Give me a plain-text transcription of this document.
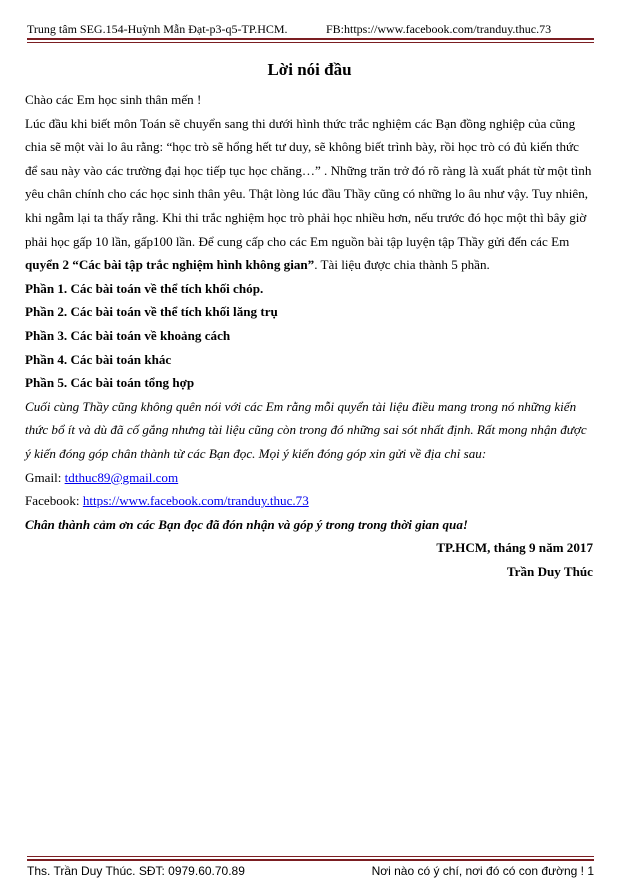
Trung tâm SEG.154-Huỳnh Mẫn Đạt-p3-q5-TP.HCM.	FB:https://www.facebook.com/tranduy.thuc.73
Lời nói đầu

Chào các Em học sinh thân mến !

Lúc đầu khi biết môn Toán sẽ chuyển sang thi dưới hình thức trắc nghiệm các Bạn đồng nghiệp của cũng chia sẽ một vài lo âu rằng: “học trò sẽ hổng hết tư duy, sẽ không biết trình bày, rồi học trò có đủ kiến thức để sau này vào các trường đại học tiếp tục học chăng…” . Những trăn trở đó rõ ràng là xuất phát từ một tình yêu chân chính cho các học sinh thân yêu. Thật lòng lúc đầu Thầy cũng có những lo âu như vậy. Tuy nhiên, khi ngẫm lại ta thấy rằng. Khi thi trắc nghiệm học trò phải học nhiều hơn, nếu trước đó học một thì bây giờ phải học gấp 10 lần, gấp100 lần. Để cung cấp cho các Em nguồn bài tập luyện tập Thầy gửi đến các Em quyển 2 “Các bài tập trắc nghiệm hình không gian”. Tài liệu được chia thành 5 phần.

Phần 1. Các bài toán về thể tích khối chóp.

Phần 2. Các bài toán về thể tích khối lăng trụ

Phần 3. Các bài toán về khoảng cách

Phần 4. Các bài toán khác

Phần 5. Các bài toán tổng hợp

Cuối cùng Thầy cũng không quên nói với các Em rằng mỗi quyển tài liệu điều mang trong nó những kiến thức bổ ít và dù đã cố gắng nhưng tài liệu cũng còn trong đó những sai sót nhất định. Rất mong nhận được ý kiến đóng góp chân thành từ các Bạn đọc. Mọi ý kiến đóng góp xin gửi về địa chỉ sau:

Gmail: tdthuc89@gmail.com

Facebook: https://www.facebook.com/tranduy.thuc.73

Chân thành cảm ơn các Bạn đọc đã đón nhận và góp ý trong trong thời gian qua!

TP.HCM, tháng 9 năm 2017

Trần Duy Thúc

Ths. Trần Duy Thúc. SĐT: 0979.60.70.89	Nơi nào có ý chí, nơi đó có con đường ! 1
